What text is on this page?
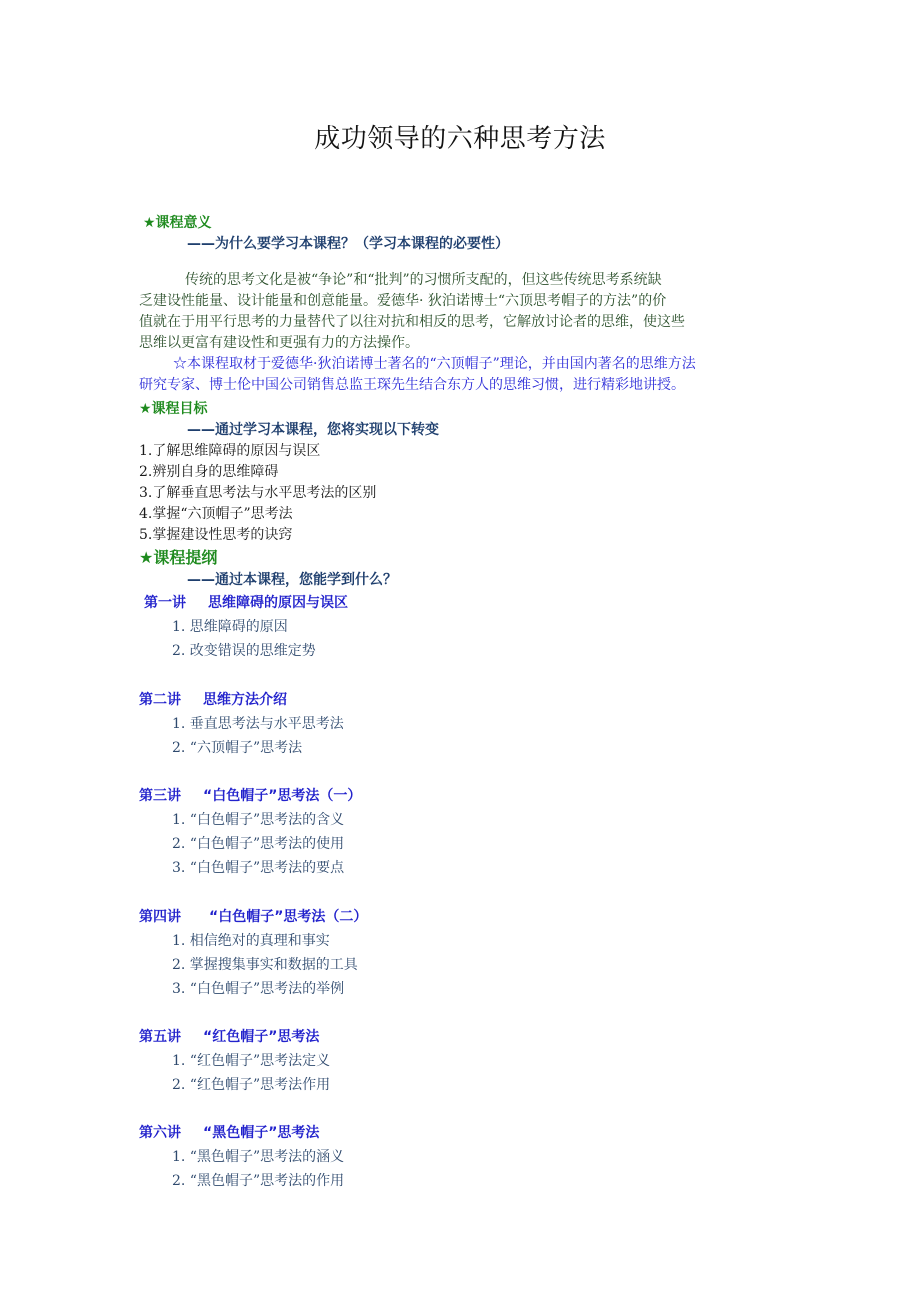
成功领导的六种思考方法
★课程意义
——为什么要学习本课程？（学习本课程的必要性）
传统的思考文化是被“争论”和“批判”的习惯所支配的，但这些传统思考系统缺
乏建设性能量、设计能量和创意能量。爱德华· 狄泊诺博士“六顶思考帽子的方法”的价
值就在于用平行思考的力量替代了以往对抗和相反的思考，它解放讨论者的思维，使这些
思维以更富有建设性和更强有力的方法操作。
☆本课程取材于爱德华·狄泊诺博士著名的“六顶帽子”理论，并由国内著名的思维方法
研究专家、博士伦中国公司销售总监王琛先生结合东方人的思维习惯，进行精彩地讲授。
★课程目标
——通过学习本课程，您将实现以下转变
1.了解思维障碍的原因与误区
2.辨别自身的思维障碍
3.了解垂直思考法与水平思考法的区别
4.掌握“六顶帽子”思考法
5.掌握建设性思考的诀窍
★课程提纲
——通过本课程，您能学到什么？
第一讲 思维障碍的原因与误区
1. 思维障碍的原因
2. 改变错误的思维定势
第二讲 思维方法介绍
1. 垂直思考法与水平思考法
2. “六顶帽子”思考法
第三讲 “白色帽子”思考法（一）
1. “白色帽子”思考法的含义
2. “白色帽子”思考法的使用
3. “白色帽子”思考法的要点
第四讲 “白色帽子”思考法（二）
1. 相信绝对的真理和事实
2. 掌握搜集事实和数据的工具
3. “白色帽子”思考法的举例
第五讲 “红色帽子”思考法
1. “红色帽子”思考法定义
2. “红色帽子”思考法作用
第六讲 “黑色帽子”思考法
1. “黑色帽子”思考法的涵义
2. “黑色帽子”思考法的作用
